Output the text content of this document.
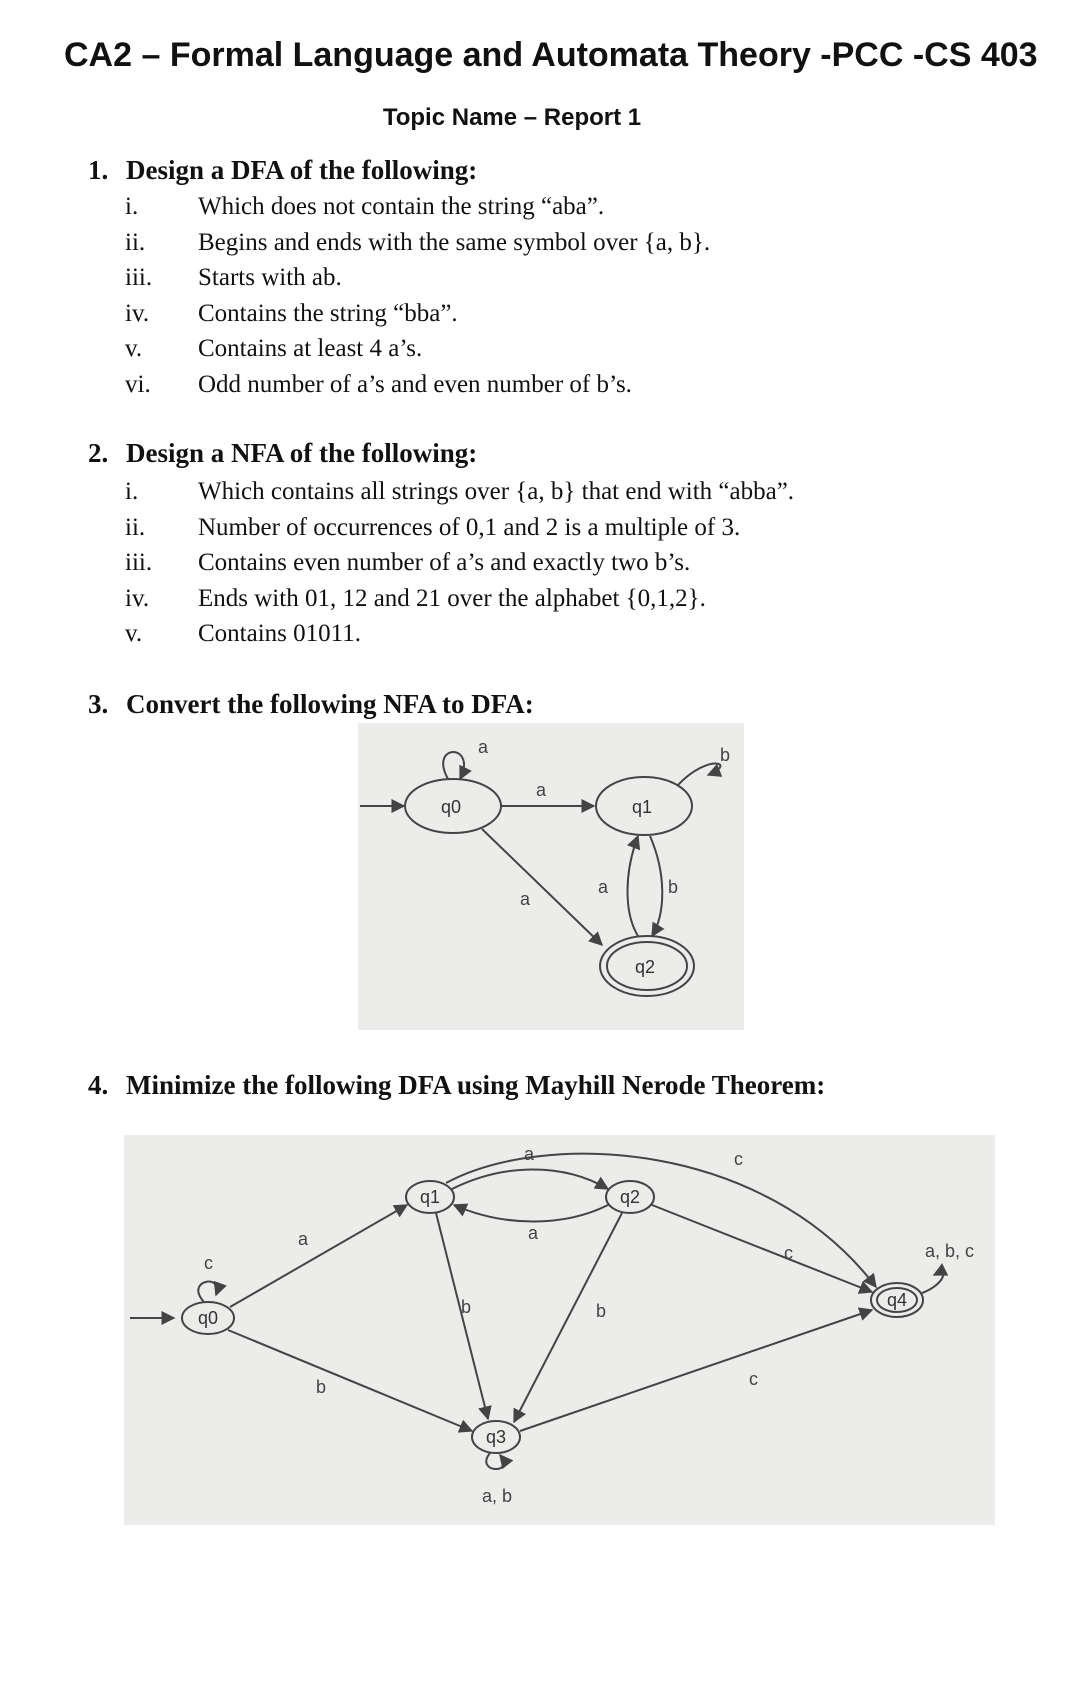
CA2 – Formal Language and Automata Theory -PCC -CS 403
Topic Name – Report 1
1. Design a DFA of the following:
i. Which does not contain the string “aba”.
ii. Begins and ends with the same symbol over {a, b}.
iii. Starts with ab.
iv. Contains the string “bba”.
v. Contains at least 4 a’s.
vi. Odd number of a’s and even number of b’s.
2. Design a NFA of the following:
i. Which contains all strings over {a, b} that end with “abba”.
ii. Number of occurrences of 0,1 and 2 is a multiple of 3.
iii. Contains even number of a’s and exactly two b’s.
iv. Ends with 01, 12 and 21 over the alphabet {0,1,2}.
v. Contains 01011.
3. Convert the following NFA to DFA:
q0
a
q1
b
a
q2
a
a	b
4. Minimize the following DFA using Mayhill Nerode Theorem:
q0
c
q1	q2
q3
a, b
q4
a, b, c
a
b
a
a
b	b
c
c
c
